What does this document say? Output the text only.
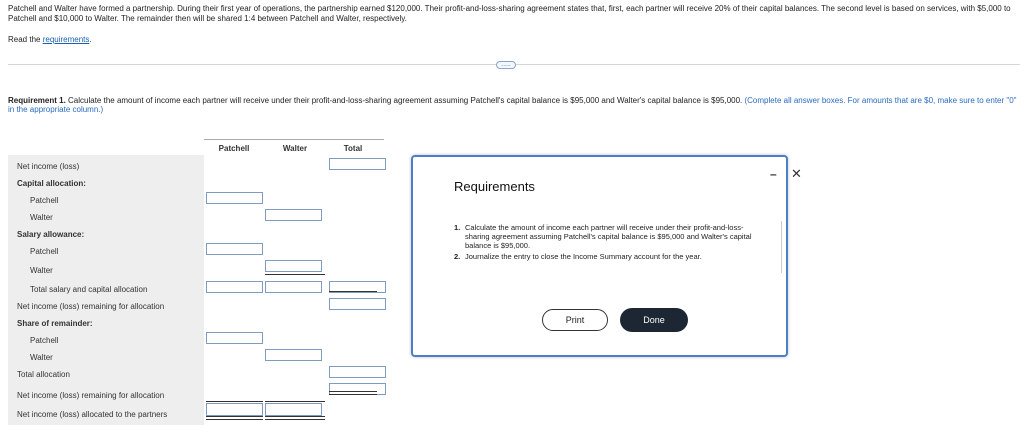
Patchell and Walter have formed a partnership. During their first year of operations, the partnership earned $120,000. Their profit-and-loss-sharing agreement states that, first, each partner will receive 20% of their capital balances. The second level is based on services, with $5,000 to Patchell and $10,000 to Walter. The remainder then will be shared 1:4 between Patchell and Walter, respectively.
Read the requirements.
.....
Requirement 1. Calculate the amount of income each partner will receive under their profit-and-loss-sharing agreement assuming Patchell's capital balance is $95,000 and Walter's capital balance is $95,000. (Complete all answer boxes. For amounts that are $0, make sure to enter "0" in the appropriate column.)
Patchell	Walter	Total
Net income (loss)
Capital allocation:
Patchell
Walter
Salary allowance:
Patchell
Walter
Total salary and capital allocation
Net income (loss) remaining for allocation
Share of remainder:
Patchell
Walter
Total allocation
Net income (loss) remaining for allocation
Net income (loss) allocated to the partners
Requirements
– ✕
1. Calculate the amount of income each partner will receive under their profit-and-loss-sharing agreement assuming Patchell's capital balance is $95,000 and Walter's capital balance is $95,000.
2. Journalize the entry to close the Income Summary account for the year.
Print	Done
